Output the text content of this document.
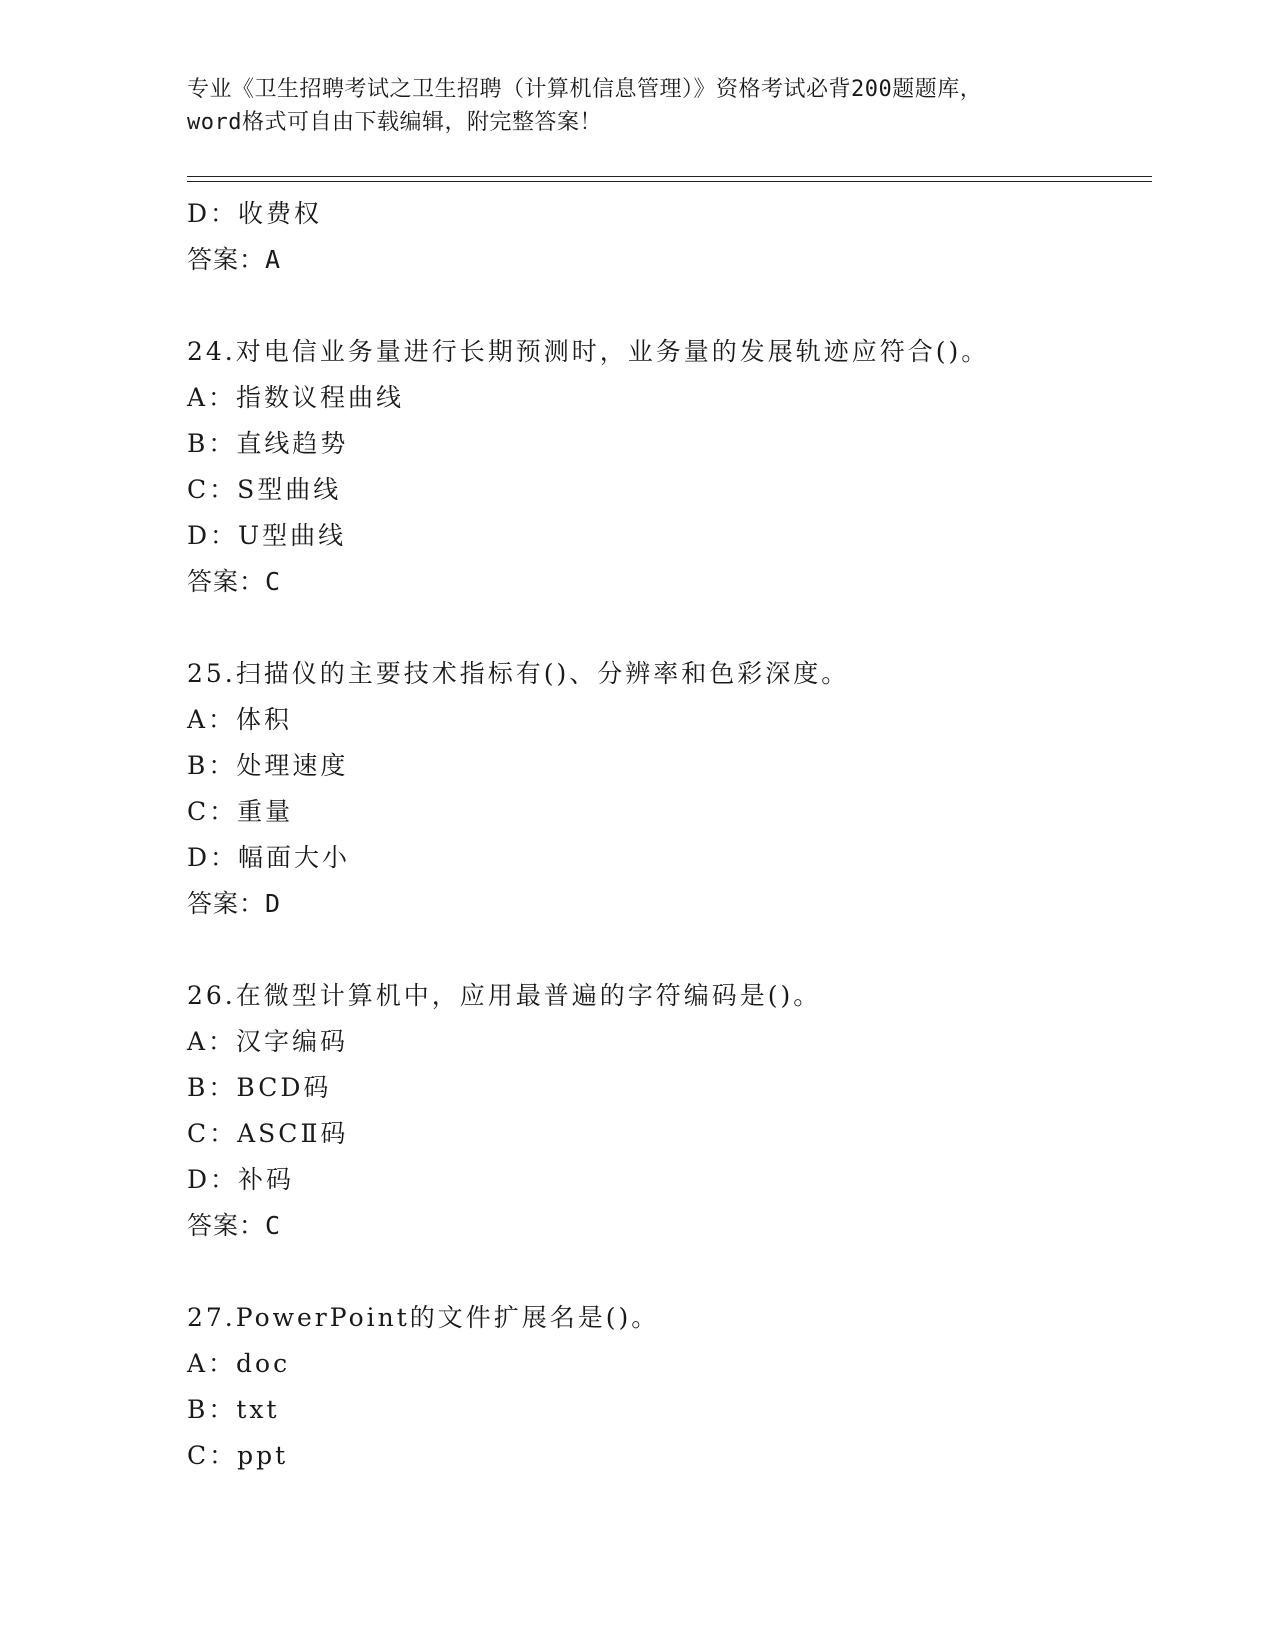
专业《卫生招聘考试之卫生招聘（计算机信息管理）》资格考试必背200题题库，
word格式可自由下载编辑，附完整答案！
D：收费权
答案：A
24.对电信业务量进行长期预测时，业务量的发展轨迹应符合()。
A：指数议程曲线
B：直线趋势
C：S型曲线
D：U型曲线
答案：C
25.扫描仪的主要技术指标有()、分辨率和色彩深度。
A：体积
B：处理速度
C：重量
D：幅面大小
答案：D
26.在微型计算机中，应用最普遍的字符编码是()。
A：汉字编码
B：BCD码
C：ASCⅡ码
D：补码
答案：C
27.PowerPoint的文件扩展名是()。
A：doc
B：txt
C：ppt
